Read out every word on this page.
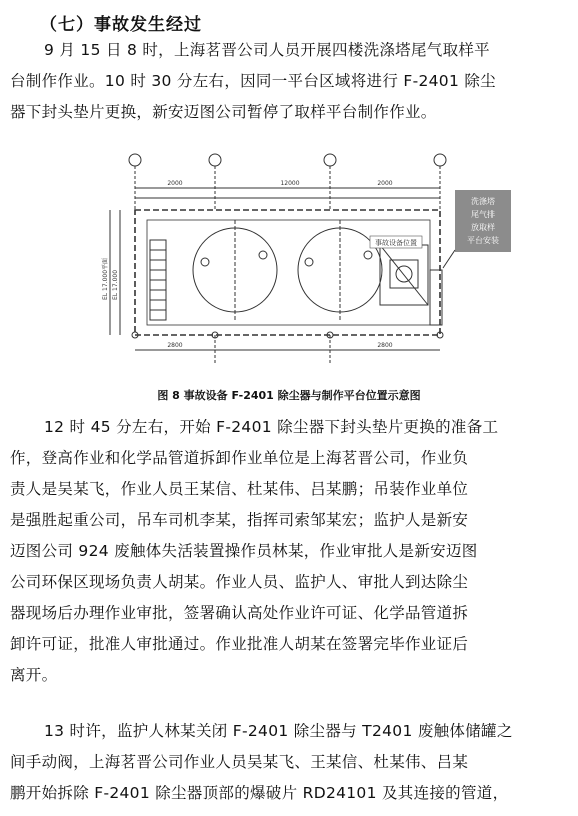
（七）事故发生经过
9 月 15 日 8 时，上海茗晋公司人员开展四楼洗涤塔尾气取样平
台制作作业。10 时 30 分左右，因同一平台区域将进行 F-2401 除尘
器下封头垫片更换，新安迈图公司暂停了取样平台制作作业。
洗涤塔
尾气排
放取样
平台安装
事故设备位置
EL 17.000平面 EL 17.000
2000	12000	2000
2800	2800
图 8 事故设备 F-2401 除尘器与制作平台位置示意图
12 时 45 分左右，开始 F-2401 除尘器下封头垫片更换的准备工
作，登高作业和化学品管道拆卸作业单位是上海茗晋公司，作业负
责人是吴某飞，作业人员王某信、杜某伟、吕某鹏；吊装作业单位
是强胜起重公司，吊车司机李某，指挥司索邹某宏；监护人是新安
迈图公司 924 废触体失活装置操作员林某，作业审批人是新安迈图
公司环保区现场负责人胡某。作业人员、监护人、审批人到达除尘
器现场后办理作业审批，签署确认高处作业许可证、化学品管道拆
卸许可证，批准人审批通过。作业批准人胡某在签署完毕作业证后
离开。
13 时许，监护人林某关闭 F-2401 除尘器与 T2401 废触体储罐之
间手动阀，上海茗晋公司作业人员吴某飞、王某信、杜某伟、吕某
鹏开始拆除 F-2401 除尘器顶部的爆破片 RD24101 及其连接的管道，
